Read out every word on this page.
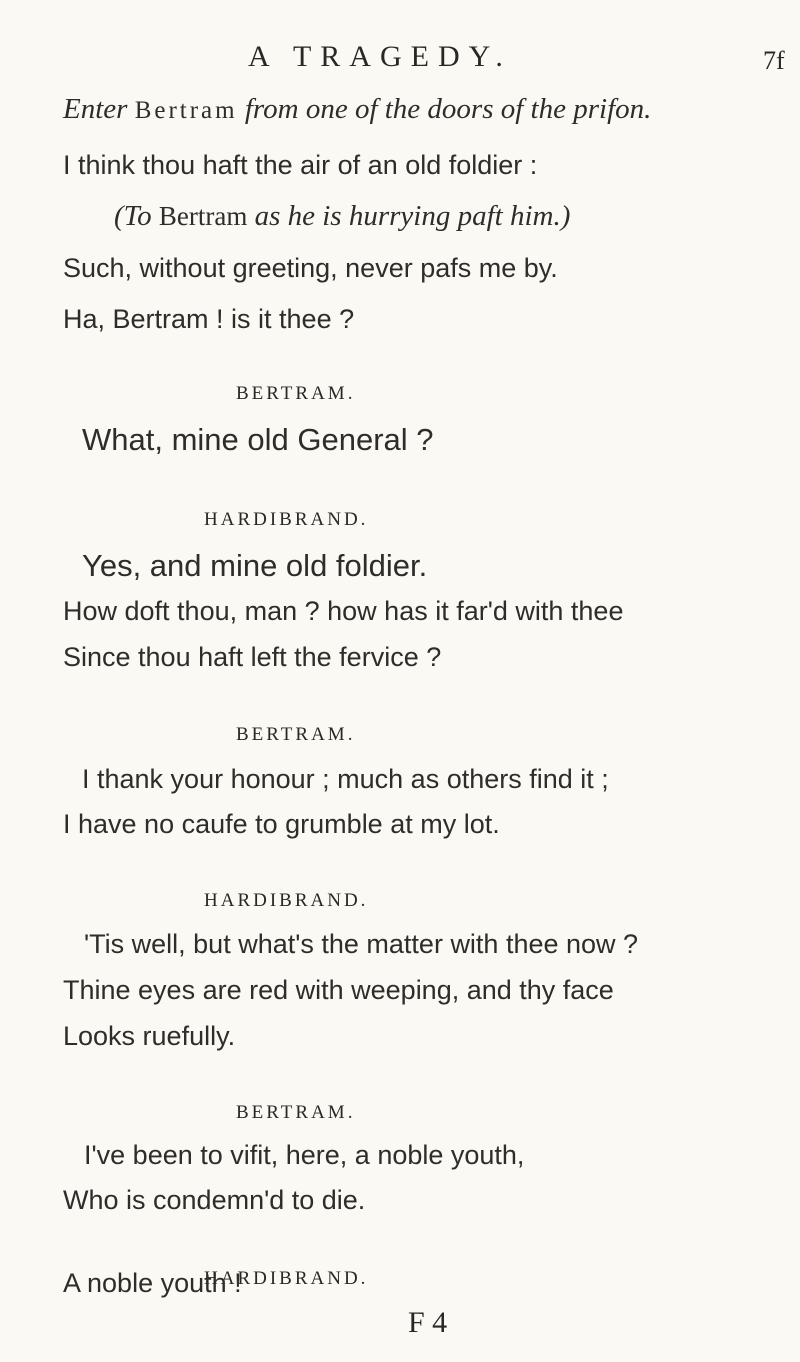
A TRAGEDY.	7f
Enter Bertram from one of the doors of the prifon.
I think thou haft the air of an old foldier :
(To Bertram as he is hurrying paft him.)
Such, without greeting, never pafs me by.
Ha, Bertram ! is it thee ?
BERTRAM.
What, mine old General ?
HARDIBRAND.
Yes, and mine old foldier.
How doft thou, man ? how has it far'd with thee
Since thou haft left the fervice ?
BERTRAM.
I thank your honour ; much as others find it ;
I have no caufe to grumble at my lot.
HARDIBRAND.
'Tis well, but what's the matter with thee now ?
Thine eyes are red with weeping, and thy face
Looks ruefully.
BERTRAM.
I've been to vifit, here, a noble youth,
Who is condemn'd to die.
HARDIBRAND.
F 4
A noble youth !
